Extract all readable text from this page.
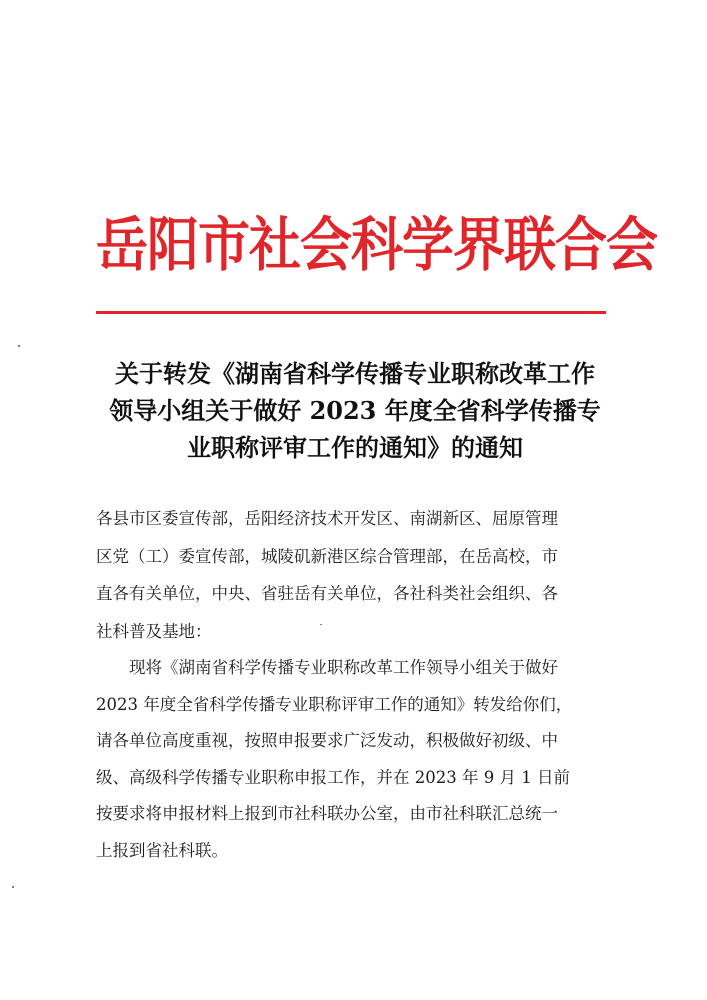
岳阳市社会科学界联合会
关于转发《湖南省科学传播专业职称改革工作
领导小组关于做好 2023 年度全省科学传播专
业职称评审工作的通知》的通知
各县市区委宣传部，岳阳经济技术开发区、南湖新区、屈原管理
区党（工）委宣传部，城陵矶新港区综合管理部，在岳高校，市
直各有关单位，中央、省驻岳有关单位，各社科类社会组织、各
社科普及基地：
现将《湖南省科学传播专业职称改革工作领导小组关于做好
2023 年度全省科学传播专业职称评审工作的通知》转发给你们，
请各单位高度重视，按照申报要求广泛发动，积极做好初级、中
级、高级科学传播专业职称申报工作，并在 2023 年 9 月 1 日前
按要求将申报材料上报到市社科联办公室，由市社科联汇总统一
上报到省社科联。
